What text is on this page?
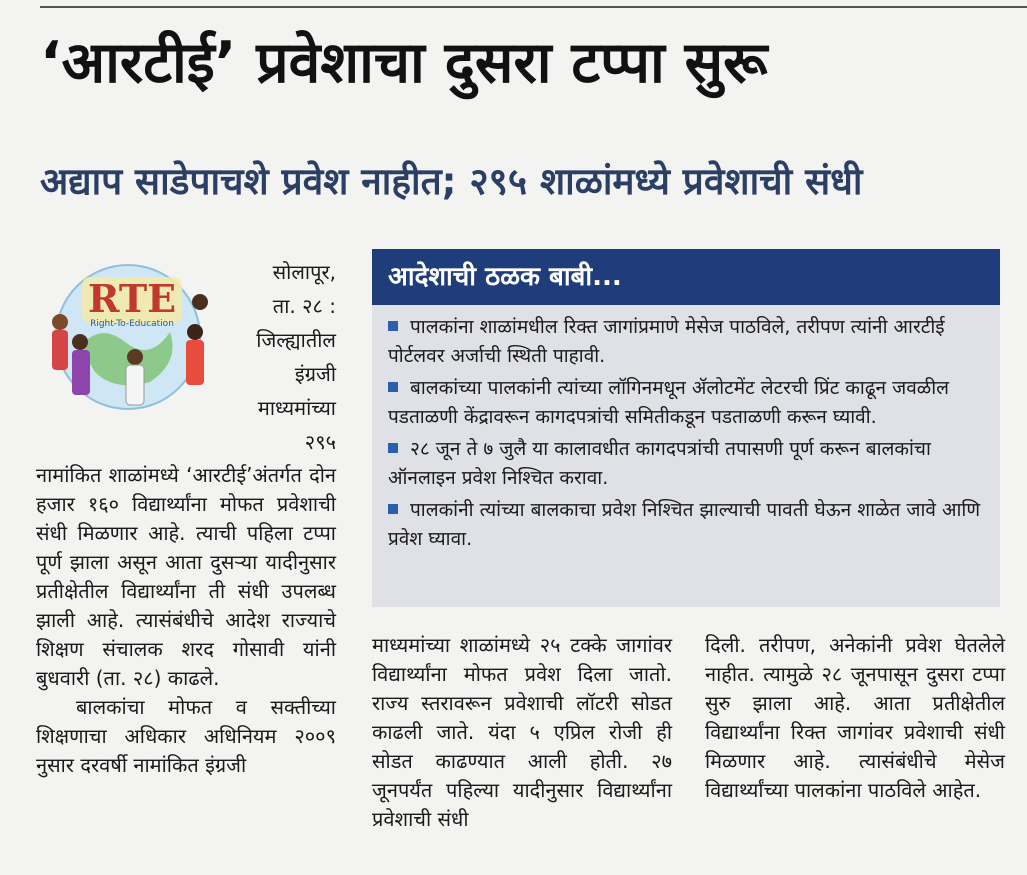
‘आरटीई’ प्रवेशाचा दुसरा टप्पा सुरू
अद्याप साडेपाचशे प्रवेश नाहीत; २९५ शाळांमध्ये प्रवेशाची संधी
RTE
Right-To-Education
सोलापूर,
ता. २८ :
जिल्ह्यातील
इंग्रजी
माध्यमांच्या
२९५

नामांकित शाळांमध्ये ‘आरटीई’अंतर्गत दोन हजार १६० विद्यार्थ्यांना मोफत प्रवेशाची संधी मिळणार आहे. त्याची पहिला टप्पा पूर्ण झाला असून आता दुसऱ्या यादीनुसार प्रतीक्षेतील विद्यार्थ्यांना ती संधी उपलब्ध झाली आहे. त्यासंबंधीचे आदेश राज्याचे शिक्षण संचालक शरद गोसावी यांनी बुधवारी (ता. २८) काढले.

बालकांचा मोफत व सक्तीच्या शिक्षणाचा अधिकार अधिनियम २००९ नुसार दरवर्षी नामांकित इंग्रजी

आदेशाची ठळक बाबी...
पालकांना शाळांमधील रिक्त जागांप्रमाणे मेसेज पाठविले, तरीपण त्यांनी आरटीई पोर्टलवर अर्जाची स्थिती पाहावी.
बालकांच्या पालकांनी त्यांच्या लॉगिनमधून ॲलोटमेंट लेटरची प्रिंट काढून जवळील पडताळणी केंद्रावरून कागदपत्रांची समितीकडून पडताळणी करून घ्यावी.
२८ जून ते ७ जुलै या कालावधीत कागदपत्रांची तपासणी पूर्ण करून बालकांचा ऑनलाइन प्रवेश निश्चित करावा.
पालकांनी त्यांच्या बालकाचा प्रवेश निश्चित झाल्याची पावती घेऊन शाळेत जावे आणि प्रवेश घ्यावा.

माध्यमांच्या शाळांमध्ये २५ टक्के जागांवर विद्यार्थ्यांना मोफत प्रवेश दिला जातो. राज्य स्तरावरून प्रवेशाची लॉटरी सोडत काढली जाते. यंदा ५ एप्रिल रोजी ही सोडत काढण्यात आली होती. २७ जूनपर्यंत पहिल्या यादीनुसार विद्यार्थ्यांना प्रवेशाची संधी

दिली. तरीपण, अनेकांनी प्रवेश घेतलेले नाहीत. त्यामुळे २८ जूनपासून दुसरा टप्पा सुरु झाला आहे. आता प्रतीक्षेतील विद्यार्थ्यांना रिक्त जागांवर प्रवेशाची संधी मिळणार आहे. त्यासंबंधीचे मेसेज विद्यार्थ्यांच्या पालकांना पाठविले आहेत.
